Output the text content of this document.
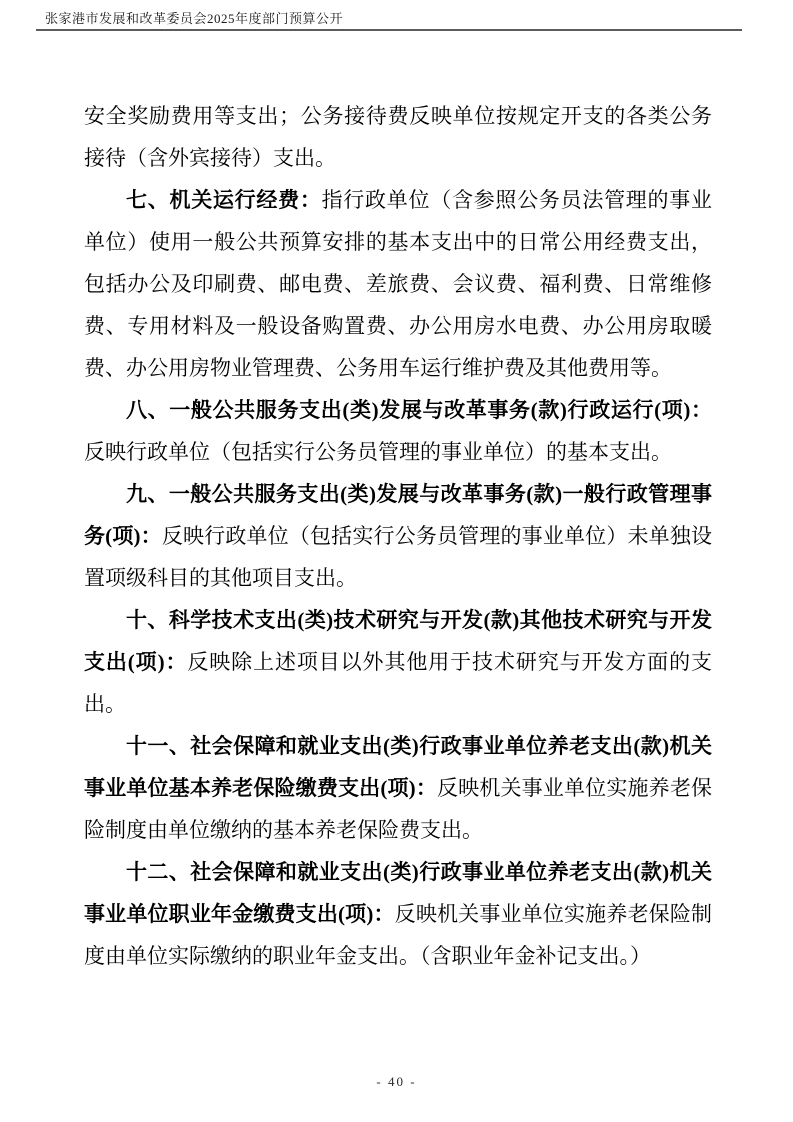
张家港市发展和改革委员会2025年度部门预算公开

安全奖励费用等支出；公务接待费反映单位按规定开支的各类公务接待（含外宾接待）支出。

七、机关运行经费：指行政单位（含参照公务员法管理的事业单位）使用一般公共预算安排的基本支出中的日常公用经费支出，包括办公及印刷费、邮电费、差旅费、会议费、福利费、日常维修费、专用材料及一般设备购置费、办公用房水电费、办公用房取暖费、办公用房物业管理费、公务用车运行维护费及其他费用等。

八、一般公共服务支出(类)发展与改革事务(款)行政运行(项)：反映行政单位（包括实行公务员管理的事业单位）的基本支出。

九、一般公共服务支出(类)发展与改革事务(款)一般行政管理事务(项)：反映行政单位（包括实行公务员管理的事业单位）未单独设置项级科目的其他项目支出。

十、科学技术支出(类)技术研究与开发(款)其他技术研究与开发支出(项)：反映除上述项目以外其他用于技术研究与开发方面的支出。

十一、社会保障和就业支出(类)行政事业单位养老支出(款)机关事业单位基本养老保险缴费支出(项)：反映机关事业单位实施养老保险制度由单位缴纳的基本养老保险费支出。

十二、社会保障和就业支出(类)行政事业单位养老支出(款)机关事业单位职业年金缴费支出(项)：反映机关事业单位实施养老保险制度由单位实际缴纳的职业年金支出。（含职业年金补记支出。）

- 40 -
